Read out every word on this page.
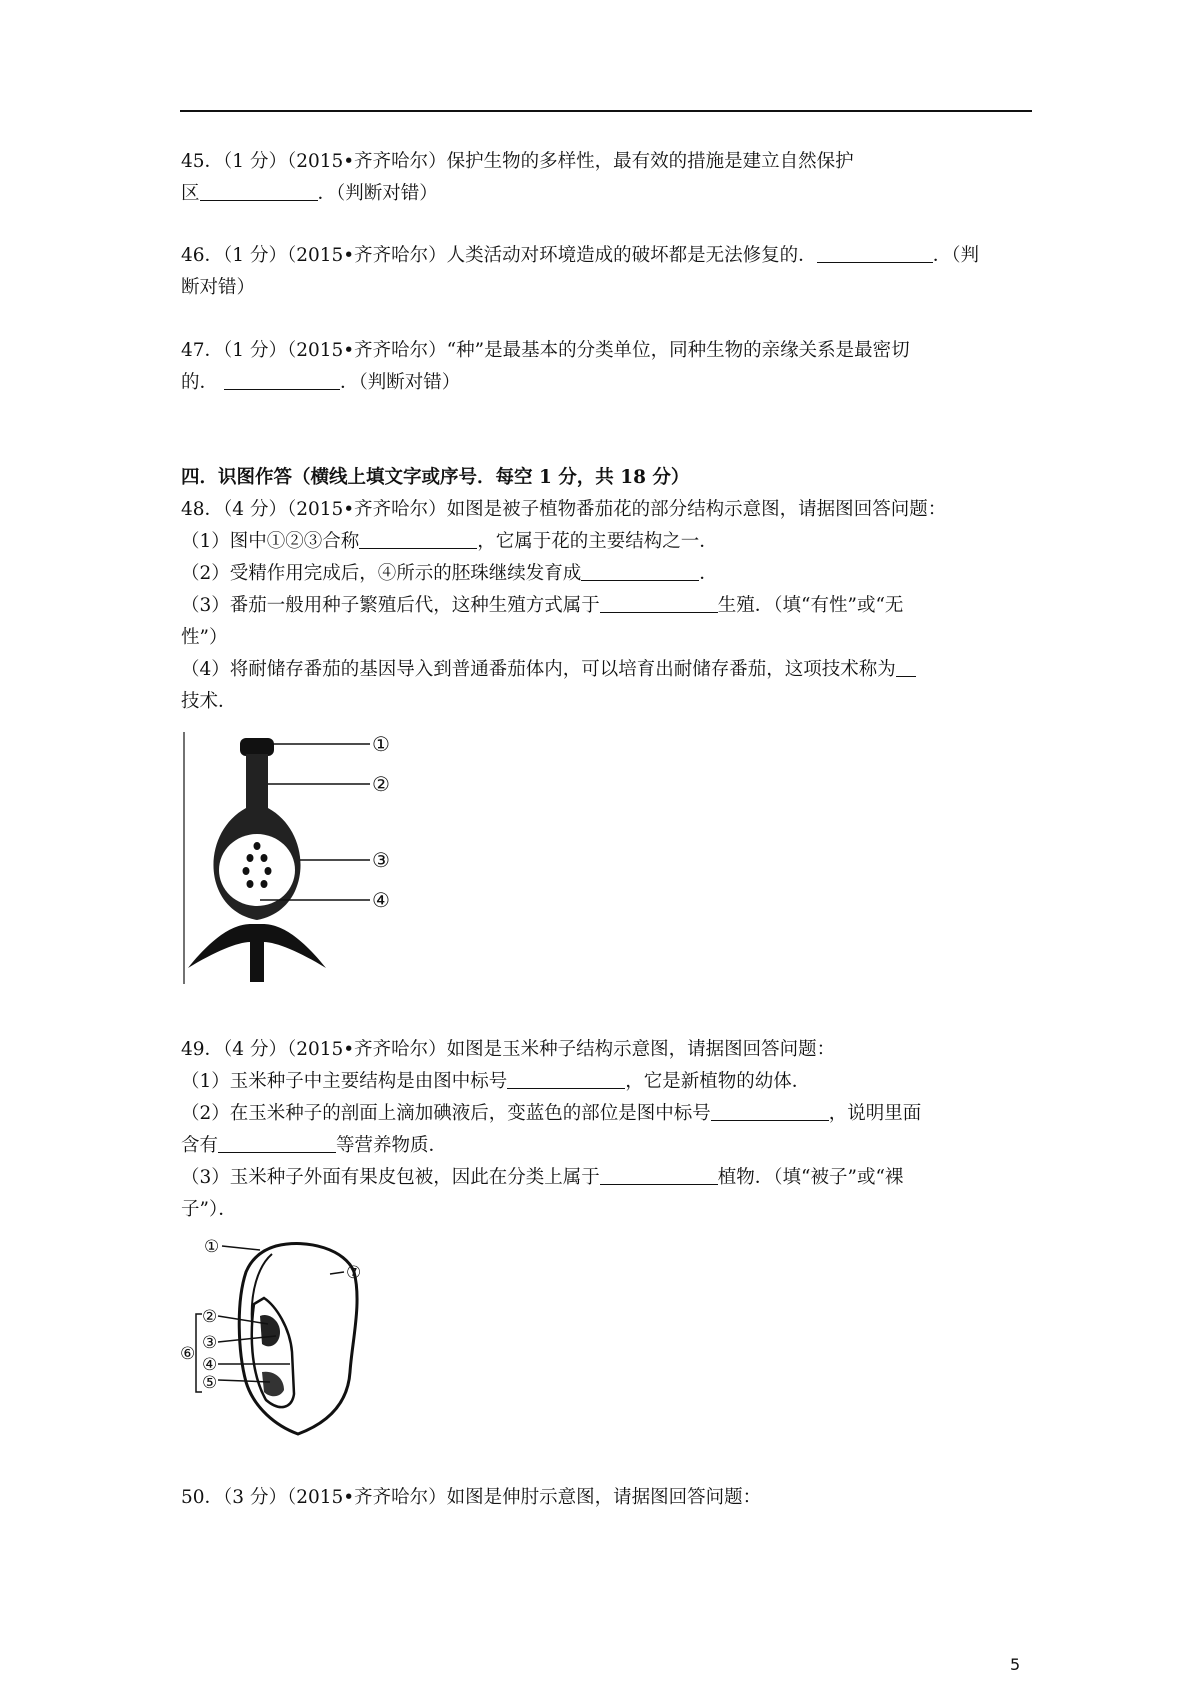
45．（1 分）（2015•齐齐哈尔）保护生物的多样性，最有效的措施是建立自然保护
区	．（判断对错）
46．（1 分）（2015•齐齐哈尔）人类活动对环境造成的破坏都是无法修复的．	．（判
断对错）
47．（1 分）（2015•齐齐哈尔）“种”是最基本的分类单位，同种生物的亲缘关系是最密切
的．	．（判断对错）
四．识图作答（横线上填文字或序号．每空 1 分，共 18 分）
48．（4 分）（2015•齐齐哈尔）如图是被子植物番茄花的部分结构示意图，请据图回答问题：
（1）图中①②③合称	，它属于花的主要结构之一．
（2）受精作用完成后，④所示的胚珠继续发育成	．
（3）番茄一般用种子繁殖后代，这种生殖方式属于	生殖．（填“有性”或“无
性”）
（4）将耐储存番茄的基因导入到普通番茄体内，可以培育出耐储存番茄，这项技术称为
技术．
①
②
③
④
49．（4 分）（2015•齐齐哈尔）如图是玉米种子结构示意图，请据图回答问题：
（1）玉米种子中主要结构是由图中标号	，它是新植物的幼体．
（2）在玉米种子的剖面上滴加碘液后，变蓝色的部位是图中标号	，说明里面
含有	等营养物质．
（3）玉米种子外面有果皮包被，因此在分类上属于	植物．（填“被子”或“裸
子”）．
①
②
③
④
⑤
⑥
⑦
50．（3 分）（2015•齐齐哈尔）如图是伸肘示意图，请据图回答问题：
5
